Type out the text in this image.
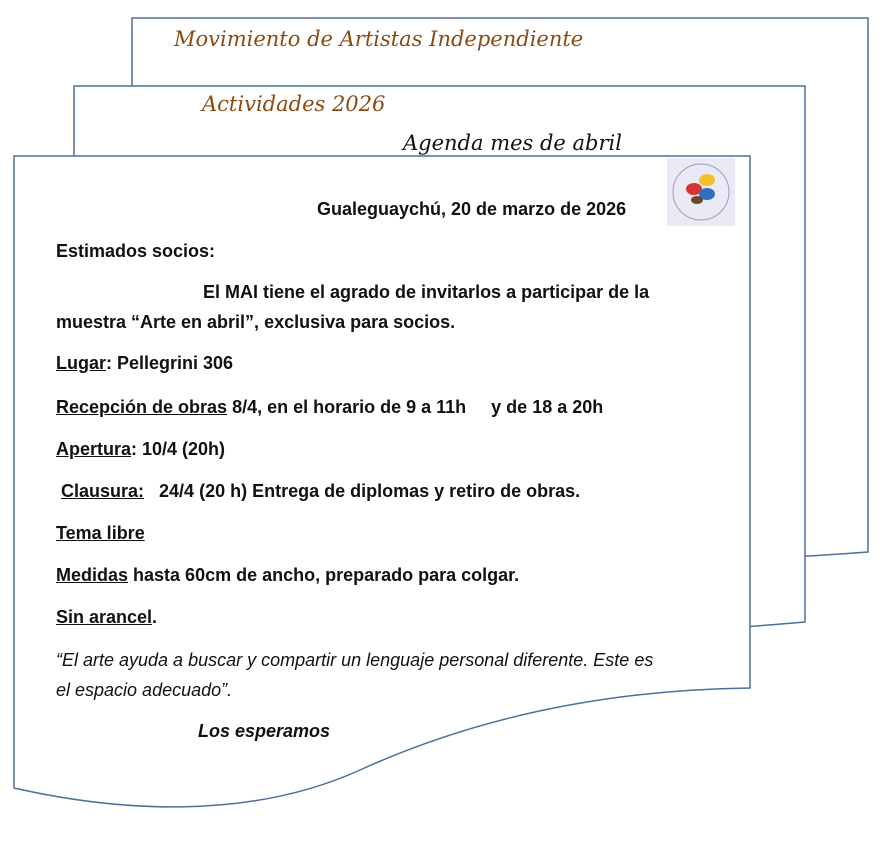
Movimiento de Artistas Independiente
Actividades 2026
Agenda mes de abril
Gualeguaychú, 20 de marzo de 2026
Estimados socios:
El MAI tiene el agrado de invitarlos a participar de la
muestra “Arte en abril”, exclusiva para socios.
Lugar: Pellegrini 306
Recepción de obras 8/4, en el horario de 9 a 11h     y de 18 a 20h
Apertura: 10/4 (20h)
Clausura:   24/4 (20 h) Entrega de diplomas y retiro de obras.
Tema libre
Medidas hasta 60cm de ancho, preparado para colgar.
Sin arancel.
“El arte ayuda a buscar y compartir un lenguaje personal diferente. Este es
el espacio adecuado”.
Los esperamos
